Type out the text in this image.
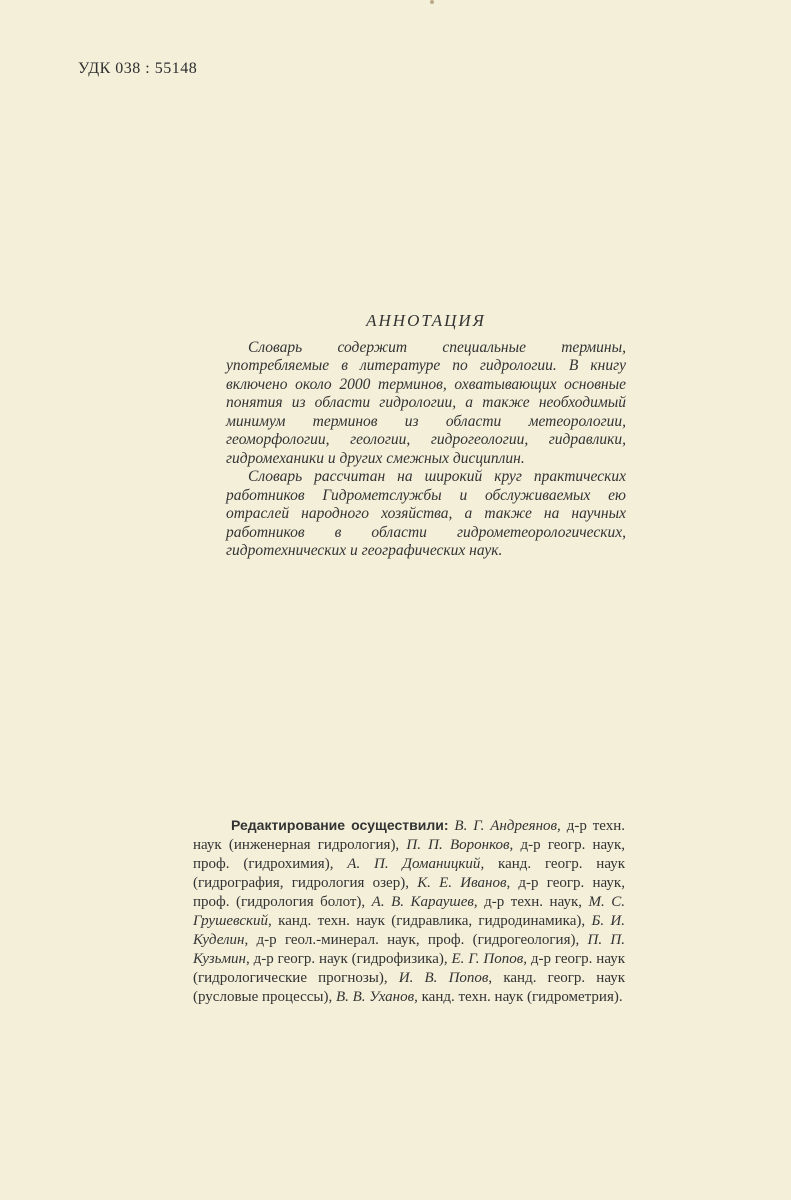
УДК 038 : 55148
АННОТАЦИЯ

Словарь содержит специальные термины, употребляемые в литературе по гидрологии. В книгу включено около 2000 терминов, охватывающих основные понятия из области гидрологии, а также необходимый минимум терминов из области метеорологии, геоморфологии, геологии, гидрогеологии, гидравлики, гидромеханики и других смежных дисциплин.

Словарь рассчитан на широкий круг практических работников Гидрометслужбы и обслуживаемых ею отраслей народного хозяйства, а также на научных работников в области гидрометеорологических, гидротехнических и географических наук.

Редактирование осуществили: В. Г. Андреянов, д-р техн. наук (инженерная гидрология), П. П. Воронков, д-р геогр. наук, проф. (гидрохимия), А. П. Доманицкий, канд. геогр. наук (гидрография, гидрология озер), К. Е. Иванов, д-р геогр. наук, проф. (гидрология болот), А. В. Караушев, д-р техн. наук, М. С. Грушевский, канд. техн. наук (гидравлика, гидродинамика), Б. И. Куделин, д-р геол.-минерал. наук, проф. (гидрогеология), П. П. Кузьмин, д-р геогр. наук (гидрофизика), Е. Г. Попов, д-р геогр. наук (гидрологические прогнозы), И. В. Попов, канд. геогр. наук (русловые процессы), В. В. Уханов, канд. техн. наук (гидрометрия).
